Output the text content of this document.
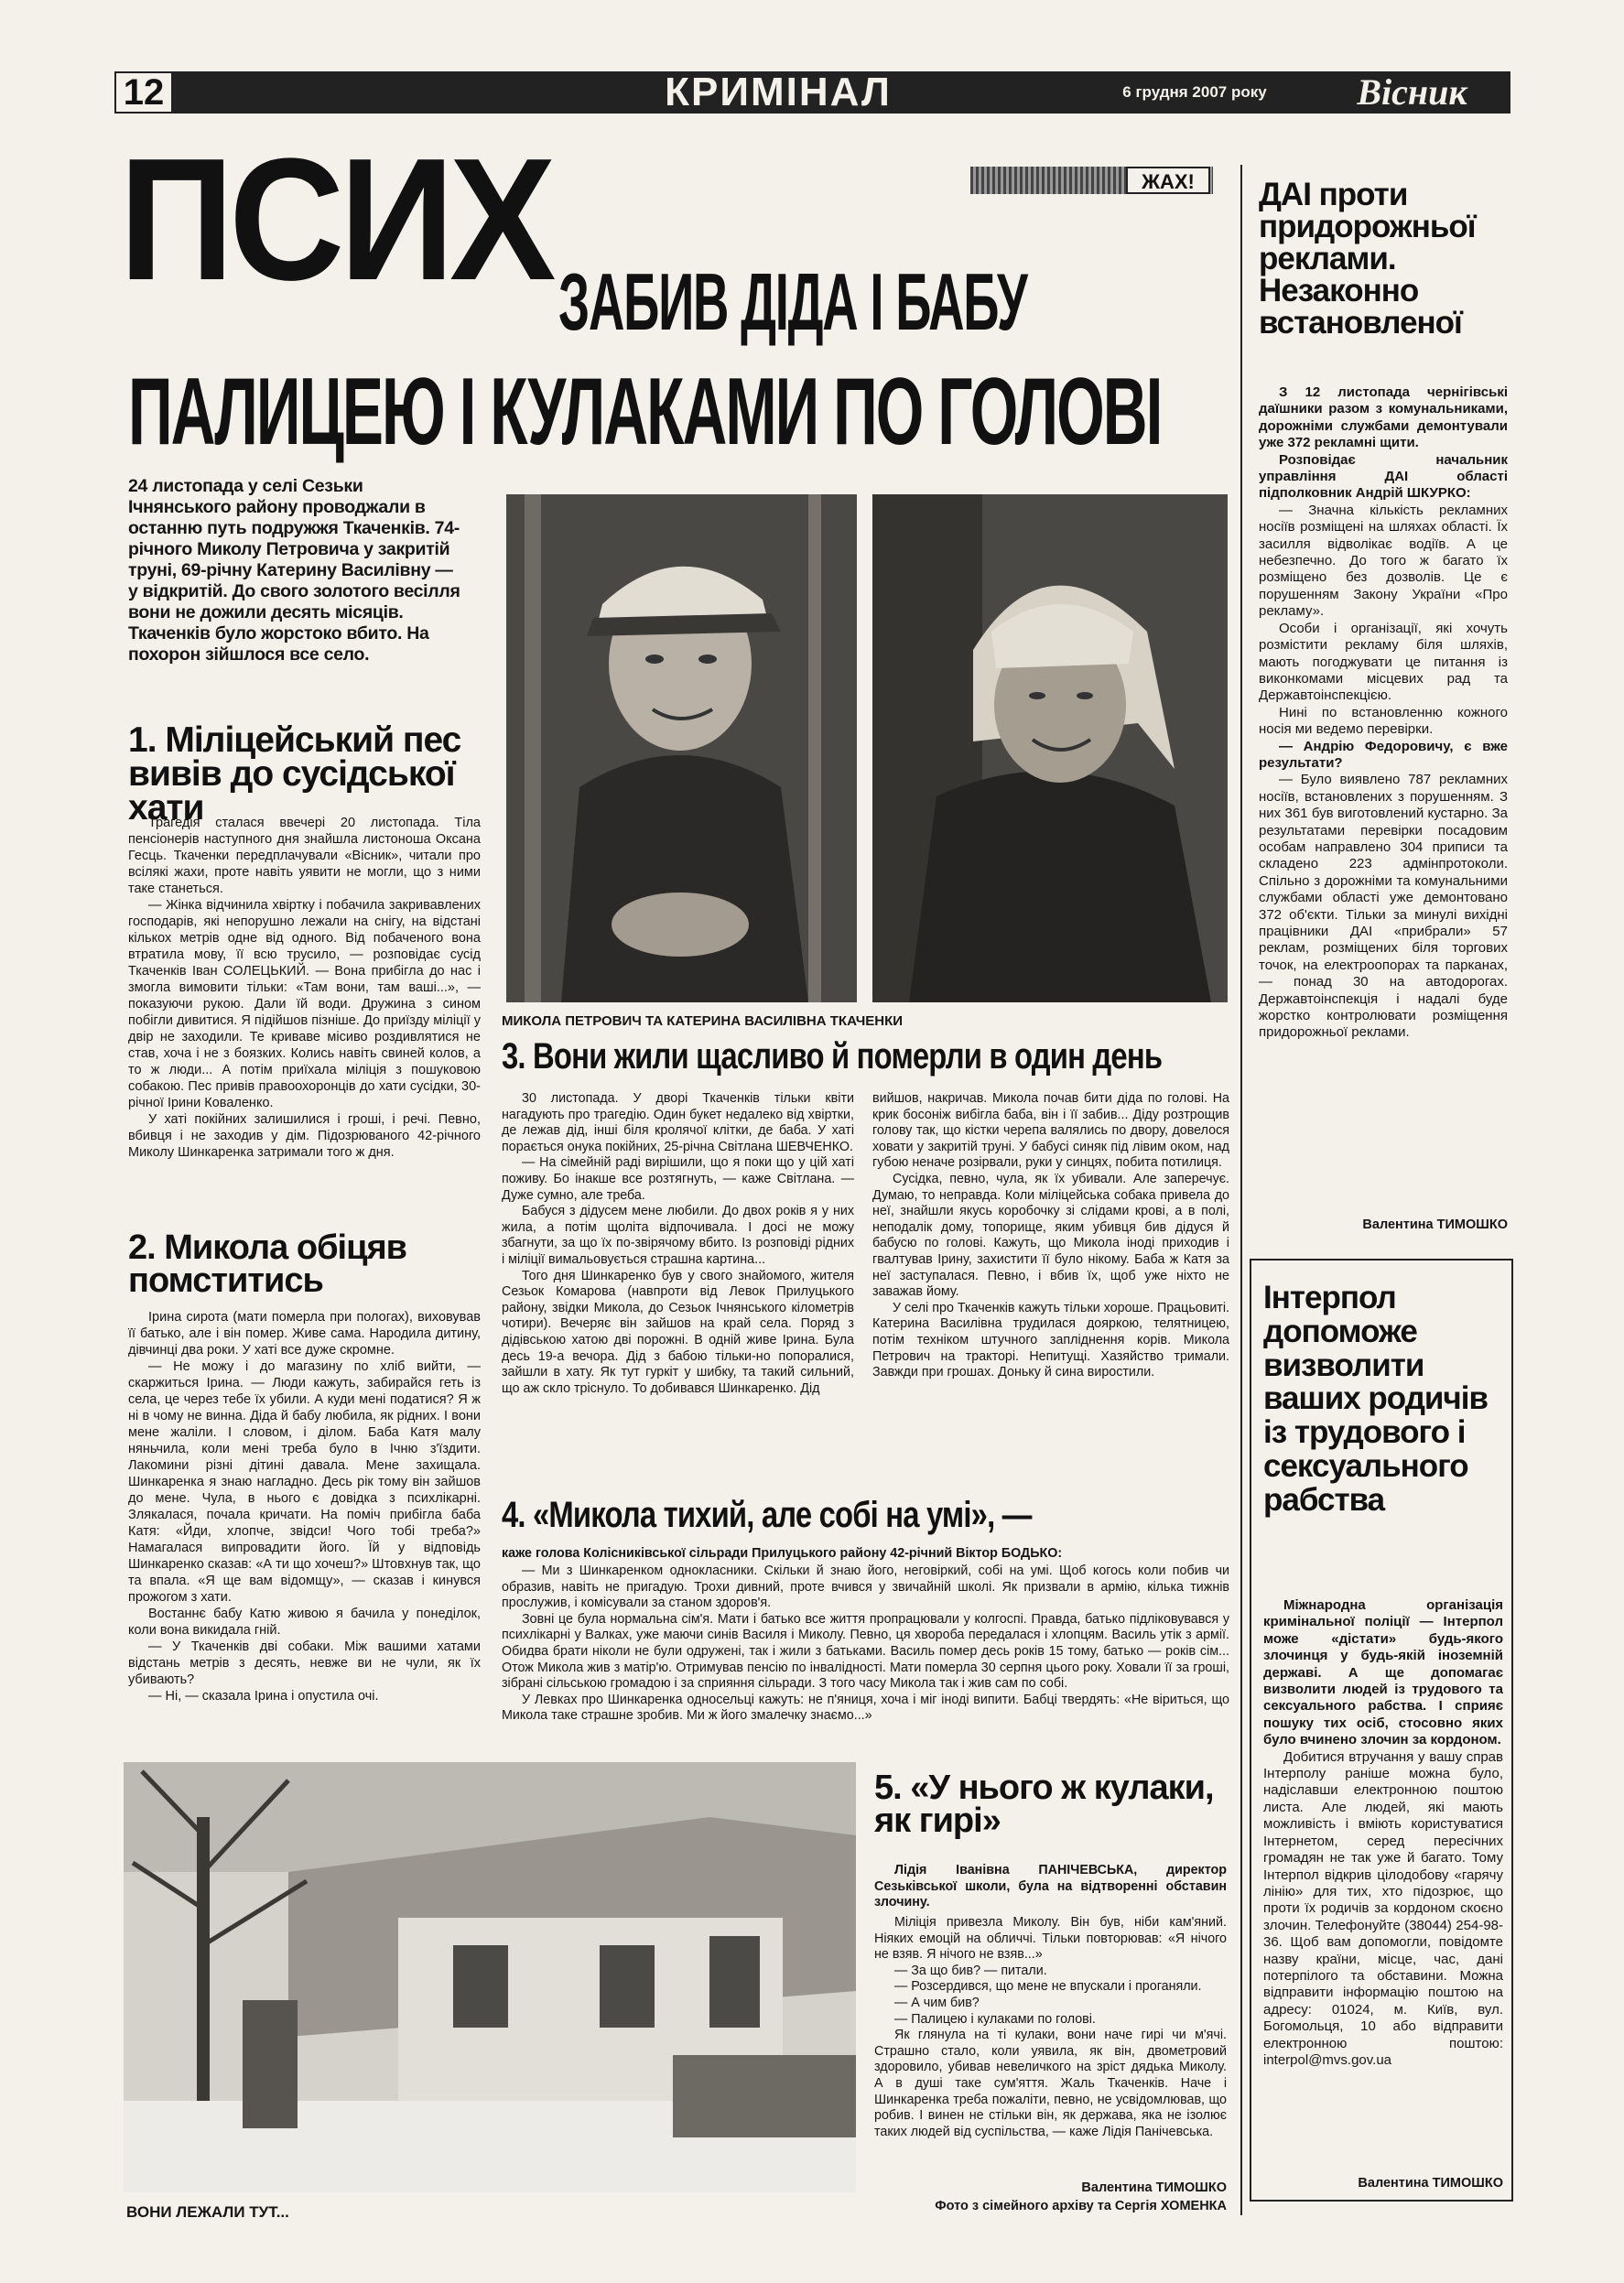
12	КРИМІНАЛ	6 грудня 2007 року	Вісник
ПСИХ	ЖАХ!
ЗАБИВ ДІДА І БАБУ
ПАЛИЦЕЮ І КУЛАКАМИ ПО ГОЛОВІ
24 листопада у селі Сезьки Ічнянського району проводжали в останню путь подружжя Ткаченків. 74-річного Миколу Петровича у закритій труні, 69-річну Катерину Василівну — у відкритій. До свого золотого весілля вони не дожили десять місяців. Ткаченків було жорстоко вбито. На похорон зійшлося все село.
1. Міліцейський пес вивів до сусідської хати

Трагедія сталася ввечері 20 листопада. Тіла пенсіонерів наступного дня знайшла листоноша Оксана Гесць. Ткаченки передплачували «Вісник», читали про всілякі жахи, проте навіть уявити не могли, що з ними таке станеться.

— Жінка відчинила хвіртку і побачила закривавлених господарів, які непорушно лежали на снігу, на відстані кількох метрів одне від одного. Від побаченого вона втратила мову, її всю трусило, — розповідає сусід Ткаченків Іван СОЛЕЦЬКИЙ. — Вона прибігла до нас і змогла вимовити тільки: «Там вони, там ваші...», — показуючи рукою. Дали їй води. Дружина з сином побігли дивитися. Я підійшов пізніше. До приїзду міліції у двір не заходили. Те криваве місиво роздивлятися не став, хоча і не з боязких. Колись навіть свиней колов, а то ж люди... А потім приїхала міліція з пошуковою собакою. Пес привів правоохоронців до хати сусідки, 30-річної Ірини Коваленко.

У хаті покійних залишилися і гроші, і речі. Певно, вбивця і не заходив у дім. Підозрюваного 42-річного Миколу Шинкаренка затримали того ж дня.

2. Микола обіцяв помститись

Ірина сирота (мати померла при пологах), виховував її батько, але і він помер. Живе сама. Народила дитину, дівчинці два роки. У хаті все дуже скромне.

— Не можу і до магазину по хліб вийти, — скаржиться Ірина. — Люди кажуть, забирайся геть із села, це через тебе їх убили. А куди мені податися? Я ж ні в чому не винна. Діда й бабу любила, як рідних. І вони мене жаліли. І словом, і ділом. Баба Катя малу няньчила, коли мені треба було в Ічню з'їздити. Лакомини різні дітині давала. Мене захищала. Шинкаренка я знаю нагладно. Десь рік тому він зайшов до мене. Чула, в нього є довідка з психлікарні. Злякалася, почала кричати. На поміч прибігла баба Катя: «Йди, хлопче, звідси! Чого тобі треба?» Намагалася випровадити його. Їй у відповідь Шинкаренко сказав: «А ти що хочеш?» Штовхнув так, що та впала. «Я ще вам відомщу», — сказав і кинувся прожогом з хати.

Востаннє бабу Катю живою я бачила у понеділок, коли вона викидала гній.

— У Ткаченків дві собаки. Між вашими хатами відстань метрів з десять, невже ви не чули, як їх убивають?

— Ні, — сказала Ірина і опустила очі.

МИКОЛА ПЕТРОВИЧ ТА КАТЕРИНА ВАСИЛІВНА ТКАЧЕНКИ
3. Вони жили щасливо й померли в один день

30 листопада. У дворі Ткаченків тільки квіти нагадують про трагедію. Один букет недалеко від хвіртки, де лежав дід, інші біля кролячої клітки, де баба. У хаті порається онука покійних, 25-річна Світлана ШЕВЧЕНКО.

— На сімейній раді вирішили, що я поки що у цій хаті поживу. Бо інакше все розтягнуть, — каже Світлана. — Дуже сумно, але треба.

Бабуся з дідусем мене любили. До двох років я у них жила, а потім щоліта відпочивала. І досі не можу збагнути, за що їх по-звірячому вбито. Із розповіді рідних і міліції вимальовується страшна картина...

Того дня Шинкаренко був у свого знайомого, жителя Сезьок Комарова (навпроти від Левок Прилуцького району, звідки Микола, до Сезьок Ічнянського кілометрів чотири). Вечеряє він зайшов на край села. Поряд з дідівською хатою дві порожні. В одній живе Ірина. Була десь 19-а вечора. Дід з бабою тільки-но попоралися, зайшли в хату. Як тут гуркіт у шибку, та такий сильний, що аж скло тріснуло. То добивався Шинкаренко. Дід

вийшов, накричав. Микола почав бити діда по голові. На крик босоніж вибігла баба, він і її забив... Діду розтрощив голову так, що кістки черепа валялись по двору, довелося ховати у закритій труні. У бабусі синяк під лівим оком, над губою неначе розірвали, руки у синцях, побита потилиця.

Сусідка, певно, чула, як їх убивали. Але заперечує. Думаю, то неправда. Коли міліцейська собака привела до неї, знайшли якусь коробочку зі слідами крові, а в полі, неподалік дому, топорище, яким убивця бив дідуся й бабусю по голові. Кажуть, що Микола іноді приходив і гвалтував Ірину, захистити її було нікому. Баба ж Катя за неї заступалася. Певно, і вбив їх, щоб уже ніхто не заважав йому.

У селі про Ткаченків кажуть тільки хороше. Працьовиті. Катерина Василівна трудилася дояркою, телятницею, потім техніком штучного запліднення корів. Микола Петрович на тракторі. Непитущі. Хазяйство тримали. Завжди при грошах. Доньку й сина виростили.

4. «Микола тихий, але собі на умі», —
каже голова Колісниківської сільради Прилуцького району 42-річний Віктор БОДЬКО:

— Ми з Шинкаренком однокласники. Скільки й знаю його, неговіркий, собі на умі. Щоб когось коли побив чи образив, навіть не пригадую. Трохи дивний, проте вчився у звичайній школі. Як призвали в армію, кілька тижнів прослужив, і комісували за станом здоров'я.

Зовні це була нормальна сім'я. Мати і батько все життя пропрацювали у колгоспі. Правда, батько підліковувався у психлікарні у Валках, уже маючи синів Василя і Миколу. Певно, ця хвороба передалася і хлопцям. Василь утік з армії. Обидва брати ніколи не були одружені, так і жили з батьками. Василь помер десь років 15 тому, батько — років сім... Отож Микола жив з матір'ю. Отримував пенсію по інвалідності. Мати померла 30 серпня цього року. Ховали її за гроші, зібрані сільською громадою і за сприяння сільради. З того часу Микола так і жив сам по собі.

У Левках про Шинкаренка односельці кажуть: не п'яниця, хоча і міг іноді випити. Бабці твердять: «Не віриться, що Микола таке страшне зробив. Ми ж його змалечку знаємо...»

ВОНИ ЛЕЖАЛИ ТУТ...
5. «У нього ж кулаки, як гирі»
Лідія Іванівна ПАНІЧЕВСЬКА, директор Сезьківської школи, була на відтворенні обставин злочину.

Міліція привезла Миколу. Він був, ніби кам'яний. Ніяких емоцій на обличчі. Тільки повторював: «Я нічого не взяв. Я нічого не взяв...»

— За що бив? — питали.

— Розсердився, що мене не впускали і проганяли.

— А чим бив?

— Палицею і кулаками по голові.

Як глянула на ті кулаки, вони наче гирі чи м'ячі. Страшно стало, коли уявила, як він, двометровий здоровило, убивав невеличкого на зріст дядька Миколу. А в душі таке сум'яття. Жаль Ткаченків. Наче і Шинкаренка треба пожаліти, певно, не усвідомлював, що робив. І винен не стільки він, як держава, яка не ізолює таких людей від суспільства, — каже Лідія Панічевська.

Валентина ТИМОШКО
Фото з сімейного архіву та Сергія ХОМЕНКА
ДАІ проти придорожньої реклами. Незаконно встановленої

З 12 листопада чернігівські даїшники разом з комунальниками, дорожніми службами демонтували уже 372 рекламні щити.

Розповідає начальник управління ДАІ області підполковник Андрій ШКУРКО:

— Значна кількість рекламних носіїв розміщені на шляхах області. Їх засилля відволікає водіїв. А це небезпечно. До того ж багато їх розміщено без дозволів. Це є порушенням Закону України «Про рекламу».

Особи і організації, які хочуть розмістити рекламу біля шляхів, мають погоджувати це питання із виконкомами місцевих рад та Державтоінспекцією.

Нині по встановленню кожного носія ми ведемо перевірки.

— Андрію Федоровичу, є вже результати?

— Було виявлено 787 рекламних носіїв, встановлених з порушенням. З них 361 був виготовлений кустарно. За результатами перевірки посадовим особам направлено 304 приписи та складено 223 адмінпротоколи. Спільно з дорожніми та комунальними службами області уже демонтовано 372 об'єкти. Тільки за минулі вихідні працівники ДАІ «прибрали» 57 реклам, розміщених біля торгових точок, на електроопорах та парканах, — понад 30 на автодорогах. Державтоінспекція і надалі буде жорстко контролювати розміщення придорожньої реклами.

Валентина ТИМОШКО
Інтерпол допоможе визволити ваших родичів із трудового і сексуального рабства

Міжнародна організація кримінальної поліції — Інтерпол може «дістати» будь-якого злочинця у будь-якій іноземній державі. А ще допомагає визволити людей із трудового та сексуального рабства. І сприяє пошуку тих осіб, стосовно яких було вчинено злочин за кордоном.

Добитися втручання у вашу справ Інтерполу раніше можна було, надіславши електронною поштою листа. Але людей, які мають можливість і вміють користуватися Інтернетом, серед пересічних громадян не так уже й багато. Тому Інтерпол відкрив цілодобову «гарячу лінію» для тих, хто підозрює, що проти їх родичів за кордоном скоєно злочин. Телефонуйте (38044) 254-98-36. Щоб вам допомогли, повідомте назву країни, місце, час, дані потерпілого та обставини. Можна відправити інформацію поштою на адресу: 01024, м. Київ, вул. Богомольця, 10 або відправити електронною поштою: interpol@mvs.gov.ua

Валентина ТИМОШКО
